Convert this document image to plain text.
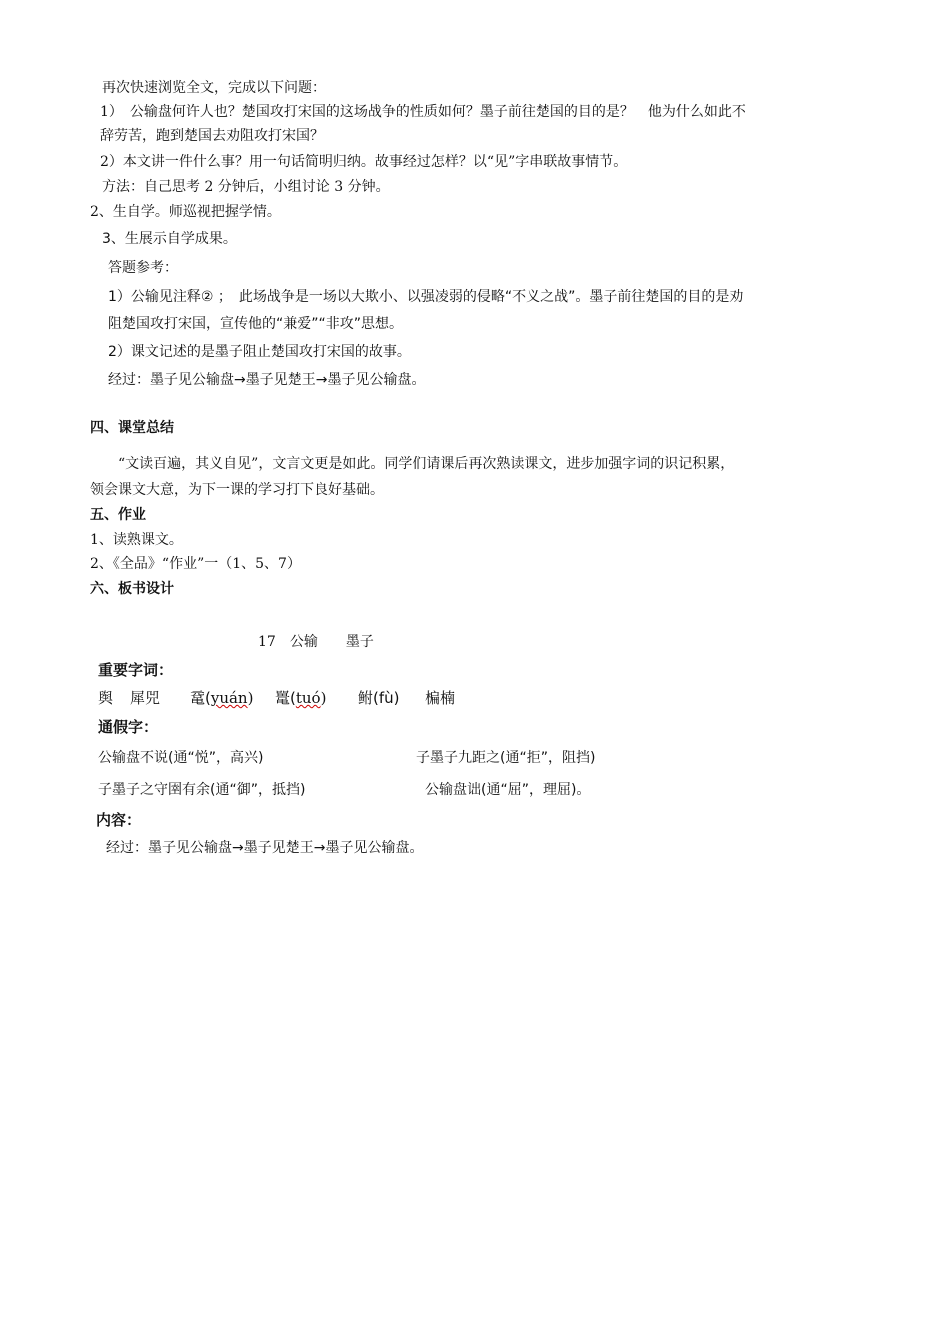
再次快速浏览全文，完成以下问题：
1）　公输盘何许人也？楚国攻打宋国的这场战争的性质如何？墨子前往楚国的目的是？　他为什么如此不
辞劳苦，跑到楚国去劝阻攻打宋国？
2）本文讲一件什么事？用一句话简明归纳。故事经过怎样？以“见”字串联故事情节。
方法：自己思考 2 分钟后，小组讨论 3 分钟。
2、生自学。师巡视把握学情。
3、生展示自学成果。
答题参考：
1）公输见注释② ；　此场战争是一场以大欺小、以强凌弱的侵略“不义之战”。墨子前往楚国的目的是劝
阻楚国攻打宋国，宣传他的“兼爱”“非攻”思想。
2）课文记述的是墨子阻止楚国攻打宋国的故事。
经过：墨子见公输盘→墨子见楚王→墨子见公输盘。
四、课堂总结
“文读百遍，其义自见”，文言文更是如此。同学们请课后再次熟读课文，进步加强字词的识记积累，
领会课文大意，为下一课的学习打下良好基础。
五、作业
1、读熟课文。
2、《全品》“作业”一（1、5、7）
六、板书设计
17　公输　　墨子
重要字词：
舆 犀兕 鼋(yuán) 鼍(tuó) 鲋(fù) 楄楠
通假字：
公输盘不说(通“悦”，高兴)	子墨子九距之(通“拒”，阻挡)
子墨子之守圉有余(通“御”，抵挡)	公输盘诎(通“屈”，理屈)。
内容：
经过：墨子见公输盘→墨子见楚王→墨子见公输盘。
